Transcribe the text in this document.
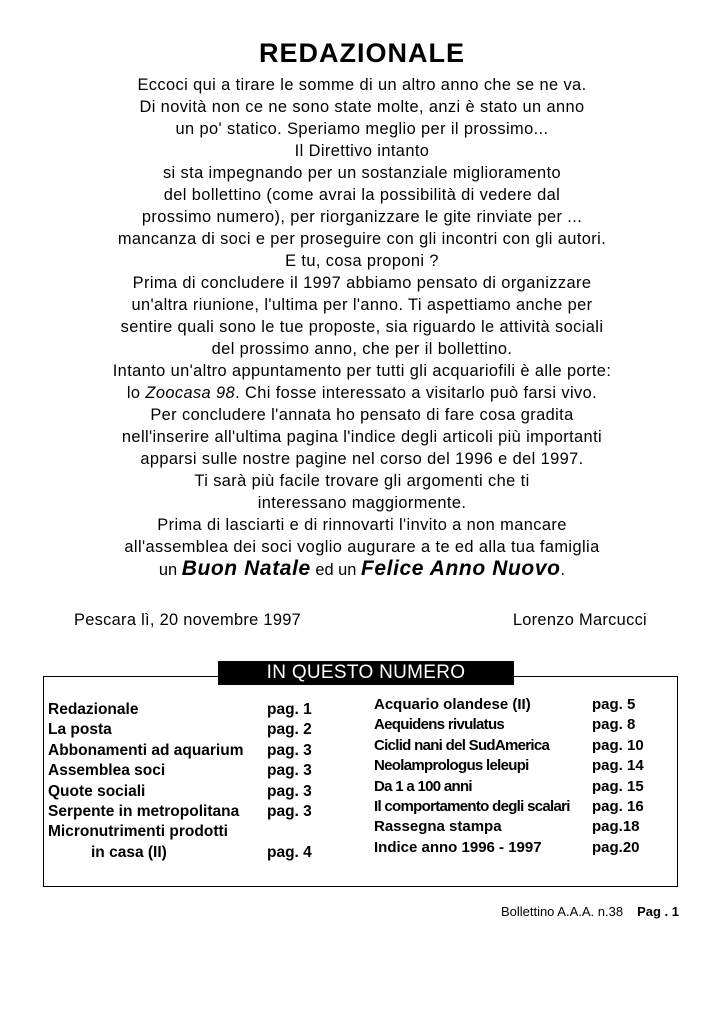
REDAZIONALE
Eccoci qui a tirare le somme di un altro anno che se ne va.
Di novità non ce ne sono state molte, anzi è stato un anno
un po' statico. Speriamo meglio per il prossimo...
Il Direttivo intanto
si sta impegnando per un sostanziale miglioramento
del bollettino (come avrai la possibilità di vedere dal
prossimo numero), per riorganizzare le gite rinviate per ...
mancanza di soci e per proseguire con gli incontri con gli autori.
E tu, cosa proponi ?
Prima di concludere il 1997 abbiamo pensato di organizzare
un'altra riunione, l'ultima per l'anno. Ti aspettiamo anche per
sentire quali sono le tue proposte, sia riguardo le attività sociali
del prossimo anno, che per il bollettino.
Intanto un'altro appuntamento per tutti gli acquariofili è alle porte:
lo Zoocasa 98. Chi fosse interessato a visitarlo può farsi vivo.
Per concludere l'annata ho pensato di fare cosa gradita
nell'inserire all'ultima pagina l'indice degli articoli più importanti
apparsi sulle nostre pagine nel corso del 1996 e del 1997.
Ti sarà più facile trovare gli argomenti che ti
interessano maggiormente.
Prima di lasciarti e di rinnovarti l'invito a non mancare
all'assemblea dei soci voglio augurare a te ed alla tua famiglia
un Buon Natale ed un Felice Anno Nuovo.
Pescara lì, 20 novembre 1997	Lorenzo Marcucci
IN QUESTO NUMERO
Redazionale	pag. 1
La posta	pag. 2
Abbonamenti ad aquarium pag. 3
Assemblea soci	pag. 3
Quote sociali	pag. 3
Serpente in metropolitana pag. 3
Micronutrimenti prodotti
in casa (II)	pag. 4
Acquario olandese (II)	pag. 5
Aequidens rivulatus	pag. 8
Ciclid nani del SudAmerica	pag. 10
Neolamprologus leleupi	pag. 14
Da 1 a 100 anni	pag. 15
Il comportamento degli scalari pag. 16
Rassegna stampa	pag.18
Indice anno 1996 - 1997	pag.20
Bollettino A.A.A. n.38 Pag . 1
